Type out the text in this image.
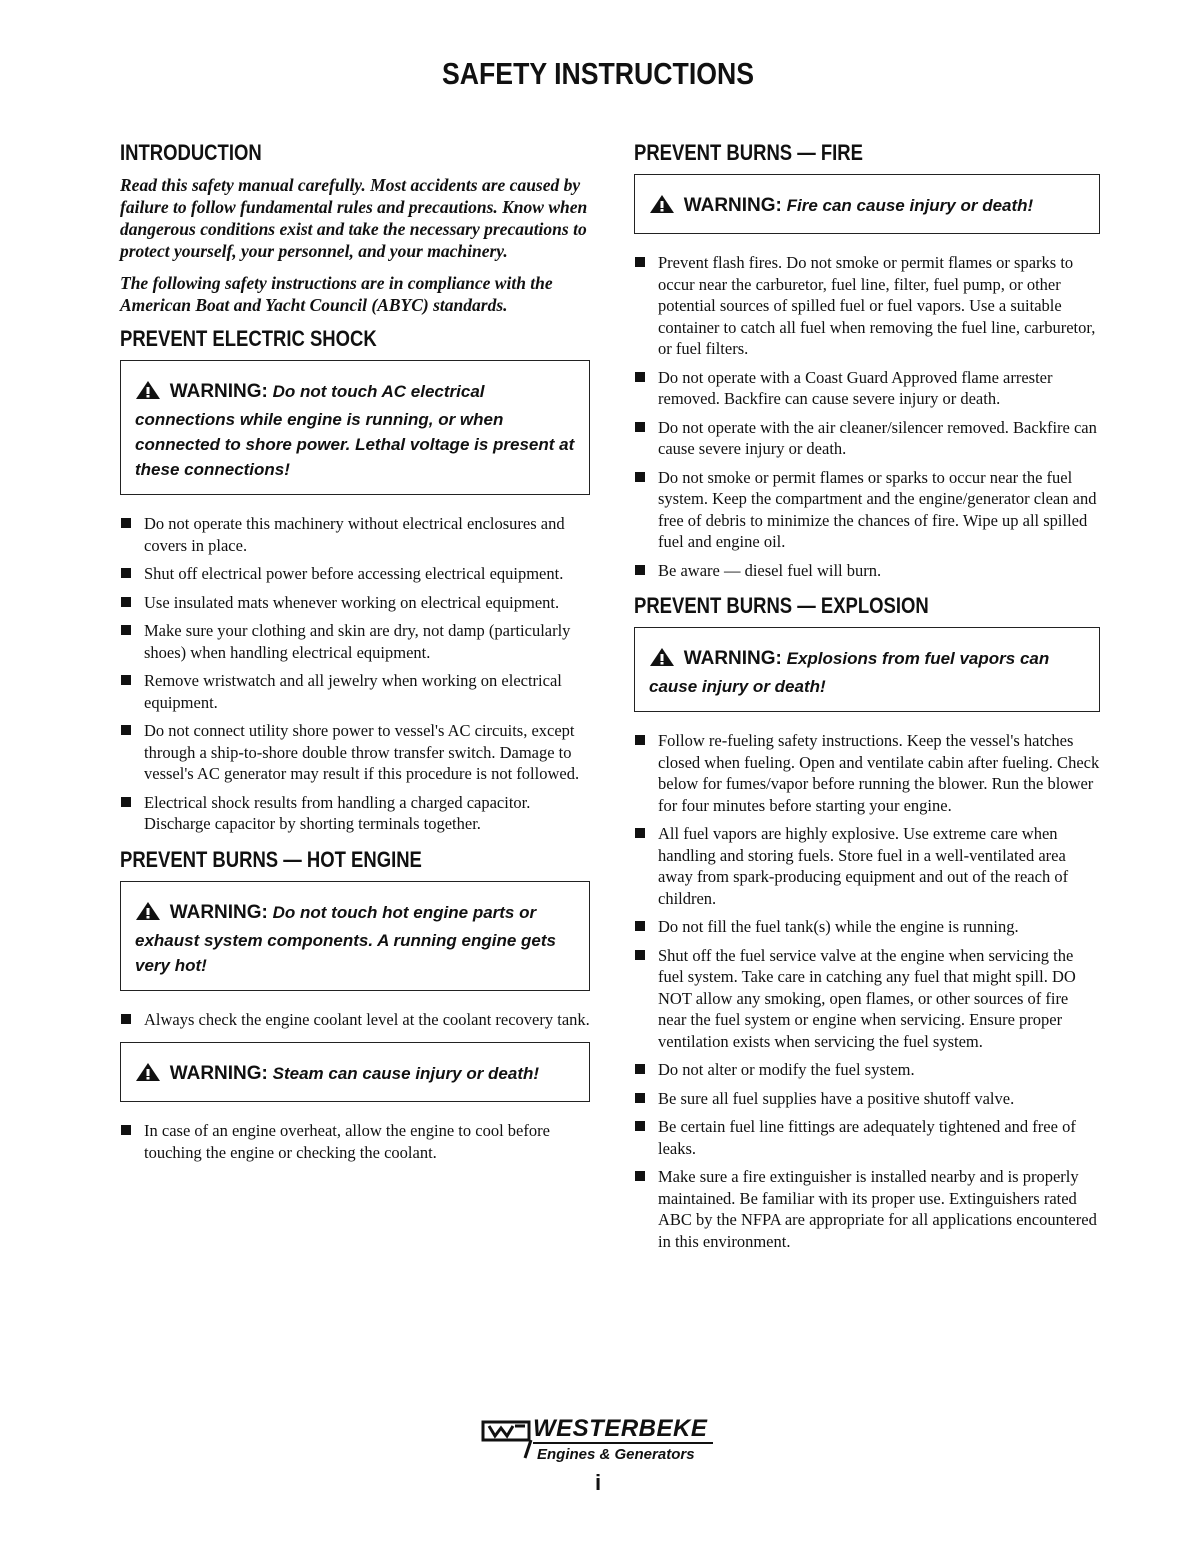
SAFETY INSTRUCTIONS
INTRODUCTION

Read this safety manual carefully. Most accidents are caused by failure to follow fundamental rules and precautions. Know when dangerous conditions exist and take the necessary precautions to protect yourself, your personnel, and your machinery.

The following safety instructions are in compliance with the American Boat and Yacht Council (ABYC) standards.

PREVENT ELECTRIC SHOCK
WARNING: Do not touch AC electrical connections while engine is running, or when connected to shore power. Lethal voltage is present at these connections!
Do not operate this machinery without electrical enclosures and covers in place.
Shut off electrical power before accessing electrical equipment.
Use insulated mats whenever working on electrical equipment.
Make sure your clothing and skin are dry, not damp (particularly shoes) when handling electrical equipment.
Remove wristwatch and all jewelry when working on electrical equipment.
Do not connect utility shore power to vessel's AC circuits, except through a ship-to-shore double throw transfer switch. Damage to vessel's AC generator may result if this procedure is not followed.
Electrical shock results from handling a charged capacitor. Discharge capacitor by shorting terminals together.
PREVENT BURNS — HOT ENGINE
WARNING: Do not touch hot engine parts or exhaust system components. A running engine gets very hot!
Always check the engine coolant level at the coolant recovery tank.
WARNING: Steam can cause injury or death!
In case of an engine overheat, allow the engine to cool before touching the engine or checking the coolant.
PREVENT BURNS — FIRE
WARNING: Fire can cause injury or death!
Prevent flash fires. Do not smoke or permit flames or sparks to occur near the carburetor, fuel line, filter, fuel pump, or other potential sources of spilled fuel or fuel vapors. Use a suitable container to catch all fuel when removing the fuel line, carburetor, or fuel filters.
Do not operate with a Coast Guard Approved flame arrester removed. Backfire can cause severe injury or death.
Do not operate with the air cleaner/silencer removed. Backfire can cause severe injury or death.
Do not smoke or permit flames or sparks to occur near the fuel system. Keep the compartment and the engine/generator clean and free of debris to minimize the chances of fire. Wipe up all spilled fuel and engine oil.
Be aware — diesel fuel will burn.
PREVENT BURNS — EXPLOSION
WARNING: Explosions from fuel vapors can cause injury or death!
Follow re-fueling safety instructions. Keep the vessel's hatches closed when fueling. Open and ventilate cabin after fueling. Check below for fumes/vapor before running the blower. Run the blower for four minutes before starting your engine.
All fuel vapors are highly explosive. Use extreme care when handling and storing fuels. Store fuel in a well-ventilated area away from spark-producing equipment and out of the reach of children.
Do not fill the fuel tank(s) while the engine is running.
Shut off the fuel service valve at the engine when servicing the fuel system. Take care in catching any fuel that might spill. DO NOT allow any smoking, open flames, or other sources of fire near the fuel system or engine when servicing. Ensure proper ventilation exists when servicing the fuel system.
Do not alter or modify the fuel system.
Be sure all fuel supplies have a positive shutoff valve.
Be certain fuel line fittings are adequately tightened and free of leaks.
Make sure a fire extinguisher is installed nearby and is properly maintained. Be familiar with its proper use. Extinguishers rated ABC by the NFPA are appropriate for all applications encountered in this environment.
WESTERBEKE
Engines & Generators
i
